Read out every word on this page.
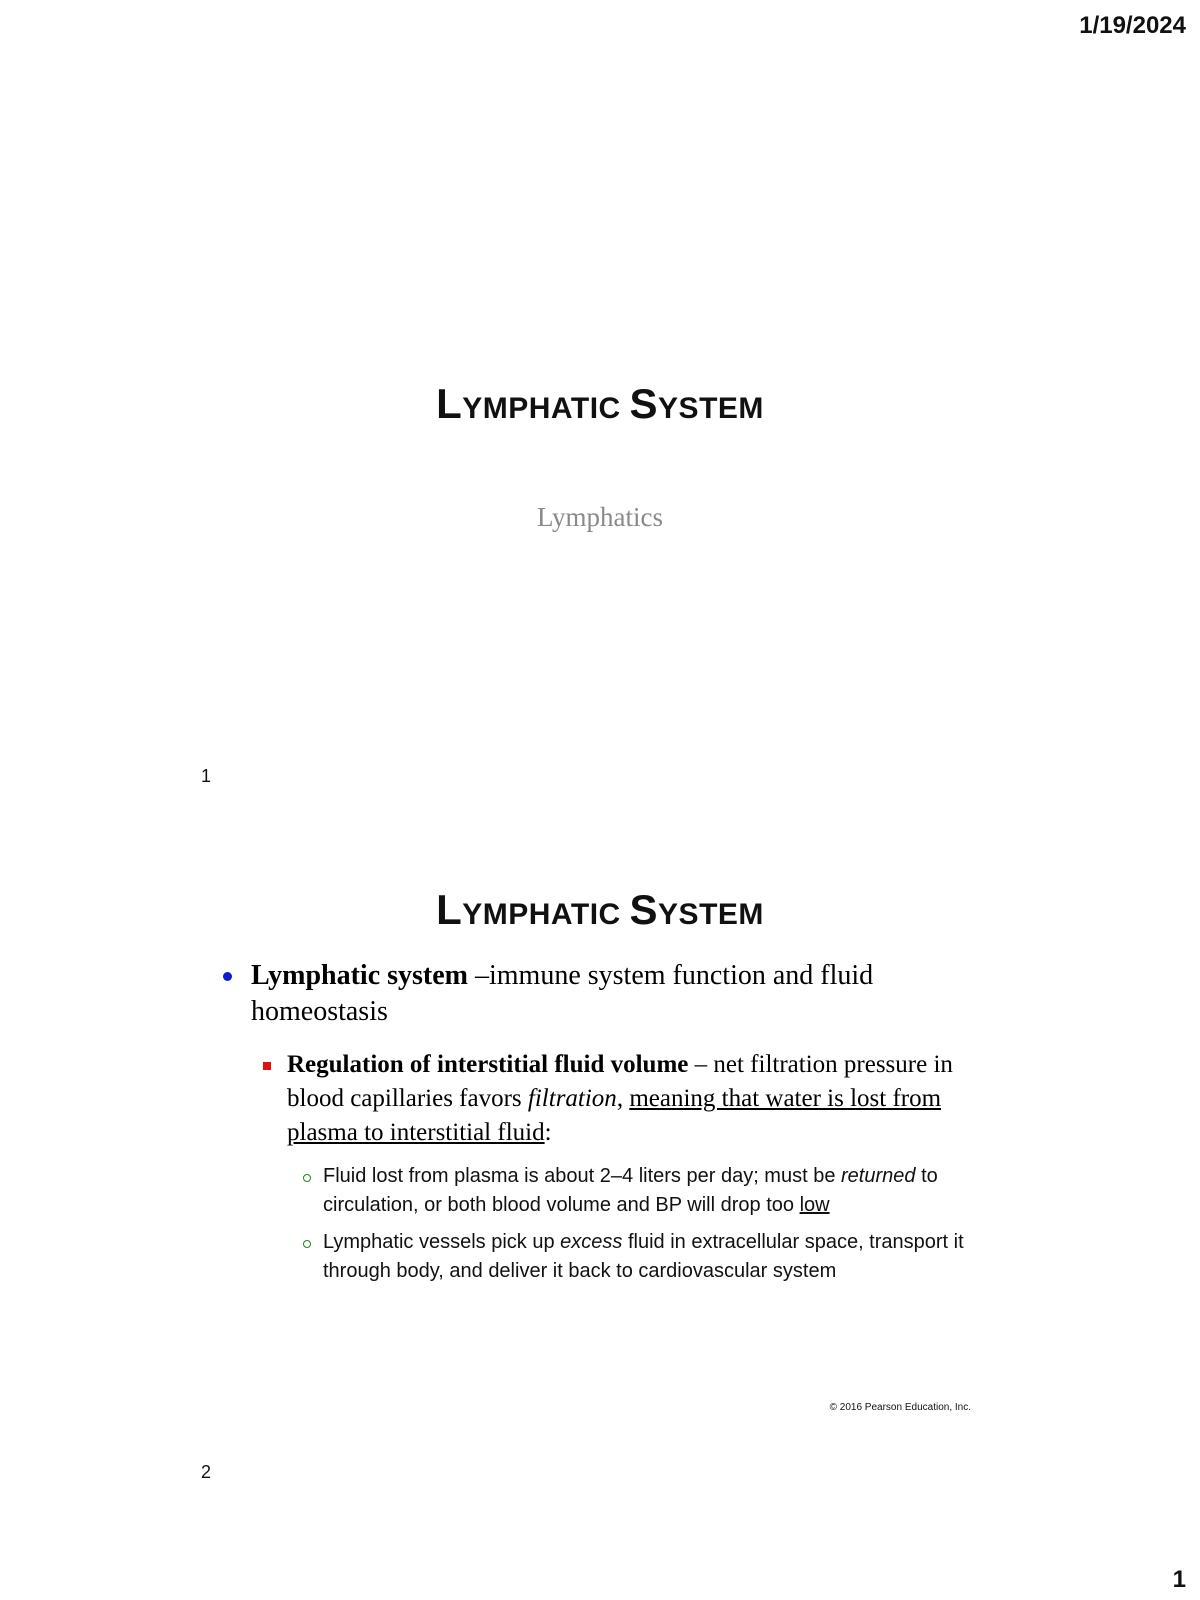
1/19/2024
LYMPHATIC SYSTEM
Lymphatics
1
LYMPHATIC SYSTEM
Lymphatic system –immune system function and fluid homeostasis
Regulation of interstitial fluid volume – net filtration pressure in blood capillaries favors filtration, meaning that water is lost from plasma to interstitial fluid:
Fluid lost from plasma is about 2–4 liters per day; must be returned to circulation, or both blood volume and BP will drop too low
Lymphatic vessels pick up excess fluid in extracellular space, transport it through body, and deliver it back to cardiovascular system
© 2016 Pearson Education, Inc.
2
1
